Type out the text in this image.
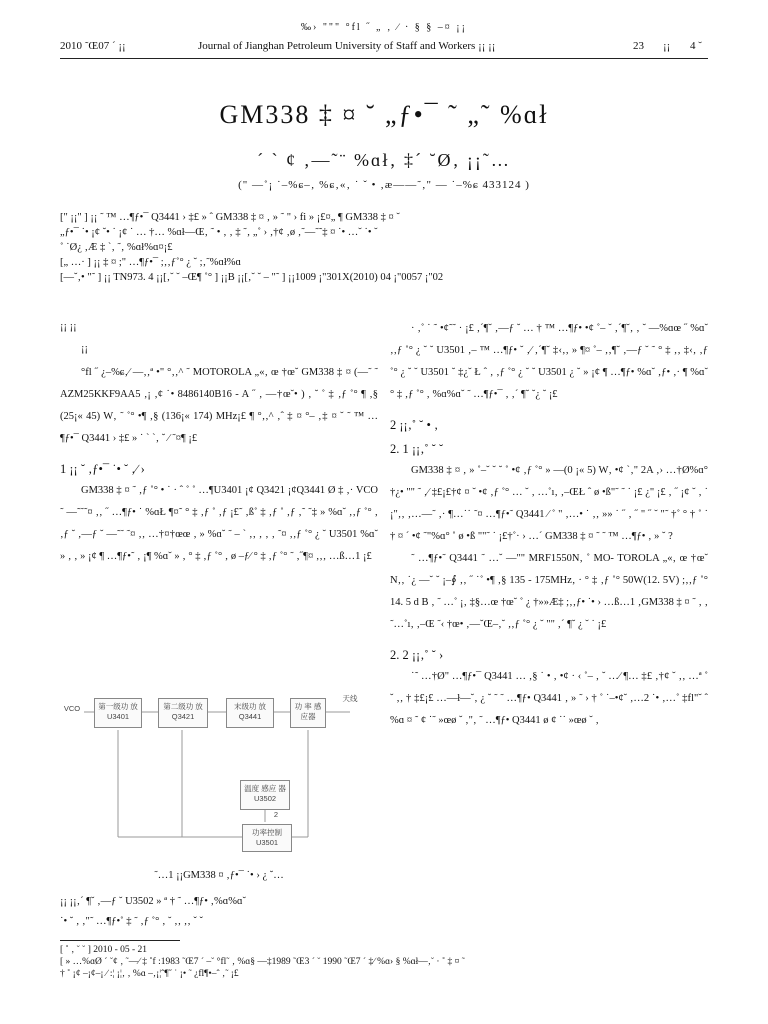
‰› """ °fl ˝ „ ‚ ∕ · § § –¤ ¡¡
2010 ˜Œ07 ´ ¡¡	Journal of Jianghan Petroleum University of Staff and Workers ¡¡ ¡¡	23 ¡¡ 4 ˘
GM338 ‡ ¤ ˘ „ƒ•¯ ˜ „˜ %ɑł
´ ` ¢ ‚—˜¨ %ɑł‚ ‡´ ˘Ø‚ ¡¡˜…
(" —˚¡ ˙–%ɕ–‚ %ɕ‚«‚ ˙ ˇ • ‚æ——˜‚" — ˙–%ɕ 433124 )
[" ¡¡" ] ¡¡ ˜ ™ …¶ƒ•¯ Q3441 › ‡£ » ˆ GM338 ‡ ¤ ‚ » ˜ " › fi » ¡£¤„ ¶ GM338 ‡ ¤ ˘
„ƒ•¯ ˙• ¡¢ ˘• ˙ ¡¢ ˙ … †… %ɑł—Œ‚ ˜ • ‚ ‚ ‡ ˜‚ „˚ › ‚†¢ ‚ø ‚˜—˜˜‡ ¤ ˙• …˘ ˙• ˘
˚ ˙Ø¿ ‚Æ ‡ ˋ‚ ˜‚ %ɑł%ɑ¤¡£
[„ …· ] ¡¡ ‡ ¤ ;" …¶ƒ•¯ ;‚‚ƒ˚° ¿ ˘ ;‚˜%ɑł%ɑ
[—˘‚• "˜ ] ¡¡ TN973. 4 ¡¡[‚˘ ˘ –Œ¶ ˚° ] ¡¡B ¡¡[‚˘ ˘ – "˜ ] ¡¡1009 ¡"301X(2010) 04 ¡"0057 ¡"02

¡¡ ¡¡

¡¡

°fl ˝ ¿–%ɕ‚∕ —‚‚ª •" °‚‚^ ˜ MOTOROLA „«‚ œ †œ˘ GM338 ‡ ¤ (—˜ ˜ AZM25KKF9AA5 ‚¡ ‚¢ ˙• 8486140B16 - A ˝ ‚ —†œ˘• ) ‚ ˘ ˚ ‡ ‚ƒ ˚° ¶ ‚§ (25¡« 45) W‚ ˜ ˚° •¶ ‚§ (136¡« 174) MHz¡£ ¶ °‚‚^ ‚ˆ ‡ ¤ °– ‚‡ ¤ ˘ ˜ ™ …¶ƒ•¯ Q3441 › ‡£ » ˙ ` ˋ‚ ˘ ∕ ˜¤¶ ¡£

1 ¡¡ ˘ ‚ƒ•¯ ˙• ˘ ‚∕ ›

GM338 ‡ ¤ ˜ ‚ƒ ˚° • ˙ · ˆ ˚ ˚ …¶U3401 ¡¢ Q3421 ¡¢Q3441 Ø ‡ ‚· VCO ˜ —˜˜˜¤ ‚‚ ˝ …¶ƒ• ˙ %ɑŁ ¶¤˜ ° ‡ ‚ƒ ˚ ‚ƒ ¡£˜ ‚ß˚ ‡ ‚ƒ ˚ ‚ƒ ‚˜ ˜‡ » %ɑ˘ ‚‚ƒ ˚° ‚ ‚ƒ ˘ ‚—ƒ ˘ —˜˜ ˜¤ ‚‚ …†¤†œœ ‚ » %ɑ˘ ˜ – ` ‚‚ ‚ ‚ ‚ ˜¤ ‚‚ƒ ˚° ¿ ˘ U3501 %ɑ˘ » ‚ ‚ » ¡¢ ¶ …¶ƒ•˜ ‚ ¡¶ %ɑ˘ » ‚ ° ‡ ‚ƒ ˚° ‚ ø –ƒ∕ ° ‡ ‚ƒ ˚° ˜ ‚˝¶¤ ‚‚‚ …ß…1 ¡£

VCO	第一级功 放U3401
第二级功 放Q3421
末级功 放Q3441
功 率 感应器
天线
温度 感应 器 U3502
2
功率控制 U3501
˜…1 ¡¡GM338 ¤ ‚ƒ•¯ ˙• › ¿ ˘…
¡¡ ¡¡‚´ ¶˘ ‚—ƒ ˘ U3502 » ª † ˜ …¶ƒ• ‚%ɑ%ɑ˘
˙• ˘ ‚ ‚"˜ …¶ƒ•˚ ‡ ˜ ‚ƒ ˚° ‚ ˘ ‚‚ ‚‚ ˇ ˇ

· ‚˚ ˙ ˜ •¢˜˜ · ¡£ ‚´¶˘ ‚—ƒ ˘ … † ™ …¶ƒ• •¢ ˚– ˘ ‚´¶˘‚ ‚ ˘ —%ɑœ ˝ %ɑ˘ ‚‚ƒ ˚° ¿ ˘ ˘ U3501 ‚– ™ …¶ƒ• ˘ ‚∕ ‚´¶˘ ‡‹‚‚ » ¶¤ ˚– ‚‚¶˘ ‚—ƒ ˘ ˜ ° ‡ ‚‚ ‡‹‚ ‚ƒ ˚° ¿ ˘ ˘ U3501 ˘ ‡¿˘ Ł ˆ ‚ ‚ƒ ˚° ¿ ˘ ˘ U3501 ¿ ˘ » ¡¢ ¶ …¶ƒ• %ɑ˘ ‚ƒ• ‚· ¶ %ɑ˘ ° ‡ ‚ƒ ˚° ‚ %ɑ%ɑ˘ ˜ …¶ƒ•¯ ‚ ‚´ ¶˘ ˘¿ ˘ ¡£

2 ¡¡‚˚ ˘ • ‚

2. 1 ¡¡‚˚ ˘ ˘

GM338 ‡ ¤ ‚ » ˚–˘ ˘ ˘ ˚ •¢ ‚ƒ ˚° » —(0 ¡« 5) W‚ •¢ ˋ‚" 2A ‚› …†Ø%ɑ° †¿• "" ˜ ‚∕ ‡£¡£†¢ ¤ ˘ •¢ ‚ƒ ˚° … ˘ ‚ …˚ı‚ ‚–ŒŁ ˆ ø •ß"˜ ˜ ˙ ¡£ ¿" ¡£ ‚ ˝ ¡¢ ˘ ‚ ˙ ¡"‚‚ ‚…—˜ ‚· ¶…˙˙ ˜¤ …¶ƒ•˜ Q3441 ∕ ˚ " ‚…• ˙ ‚‚ »» ˙ ˝ ‚ ˝ " ˝ ˘ "˜ †˚ ° † ˚ ˙ † ¤ ´ •¢ ˜"%ɑ° ˚ ø •ß ""˜ ˙ ¡£†˚· › …´ GM338 ‡ ¤ ˜ ˜ ™ …¶ƒ• ‚ » ˘ ?

˜ …¶ƒ•˜ Q3441 ˜ …˘ —"" MRF1550N‚ ˚ MO- TOROLA „«‚ œ †œ˘ N‚‚ ˙¿ —˘ ˘ ¡–∮ ‚‚ ˝ ˙˚ •¶ ‚§ 135 - 175MHz‚ · ° ‡ ‚ƒ ˚° 50W(12. 5V) ;‚‚ƒ ˚° 14. 5 d B ‚ ˜ …˚ ¡‚ ‡§…œ †œ˘ ˚ ¿ †»»Æ‡ ;‚‚ƒ• ˙• › …ß…1 ‚GM338 ‡ ¤ ˜ ‚ ‚ ˜…˚ı‚ ‚–Œ ˜‹ †œ• ‚—˘Œ–‚˘ ‚‚ƒ ˚° ¿ ˘ "" ‚´ ¶˘ ¿ ˘ ˙ ¡£

2. 2 ¡¡‚˚ ˘ ›

˙˜ …†Ø" …¶ƒ•¯ Q3441 … ‚§ ˙ • ‚ •¢ · ‹ ˚– ‚ ˘ …∕ ¶… ‡£ ‚†¢ ˘ ‚‚ …ª ˚ ˘ ‚‚ † ‡£¡£ …—ł—˘‚ ¿ ˘ ˜ ˜ …¶ƒ• Q3441 ‚ » ˜ › † ˚ ˙–•¢˘ ‚…2 ˙• ‚…˚ ‡fl"˘ ˆ %ɑ ¤ ˜ ¢ ˙˜ »œø ˘ ‚"‚ ˜ …¶ƒ• Q3441 ø ¢ ˙˙ »œø ˘ ‚

[ ˚ ‚ ˘ ˘ ] 2010 - 05 - 21
[ » …%ɑØ ´ ˘¢ ‚ ˜—∕ ‡ ˚f :1983 ˜Œ7 ´ –˘ °fl˜ ‚ %ɑ§ —‡1989 ˜Œ3 ´ ˘ 1990 ˜Œ7 ´ ‡∕ %ɑ› § %ɑł—‚˘ · ˚ ‡ ¤ ˜
† ˚ ¡¢ –¡¢–¡ ∕ :¦ ¡¦‚ ‚ %ɑ –‚¡¦ˆ¶˝ ˙ ¡• ˜ ¿fl¶•–ˆ ‚˜ ¡£
